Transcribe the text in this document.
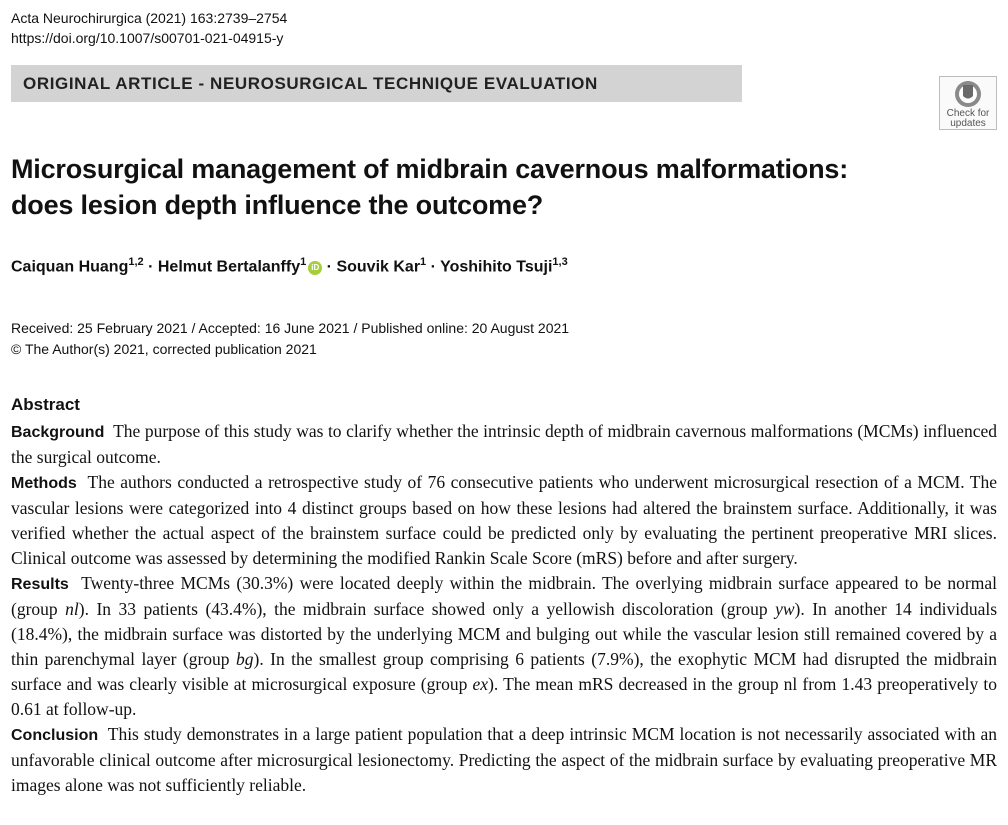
Acta Neurochirurgica (2021) 163:2739–2754
https://doi.org/10.1007/s00701-021-04915-y
ORIGINAL ARTICLE - NEUROSURGICAL TECHNIQUE EVALUATION
Check for
updates
Microsurgical management of midbrain cavernous malformations:
does lesion depth influence the outcome?
Caiquan Huang$^{1,2}$ · Helmut Bertalanffy$^1$ iD · Souvik Kar$^1$ · Yoshihito Tsuji$^{1,3}$
Received: 25 February 2021 / Accepted: 16 June 2021 / Published online: 20 August 2021
© The Author(s) 2021, corrected publication 2021
Abstract

Background The purpose of this study was to clarify whether the intrinsic depth of midbrain cavernous malformations (MCMs) influenced the surgical outcome.

Methods The authors conducted a retrospective study of 76 consecutive patients who underwent microsurgical resection of a MCM. The vascular lesions were categorized into 4 distinct groups based on how these lesions had altered the brainstem surface. Additionally, it was verified whether the actual aspect of the brainstem surface could be predicted only by evaluating the pertinent preoperative MRI slices. Clinical outcome was assessed by determining the modified Rankin Scale Score (mRS) before and after surgery.

Results Twenty-three MCMs (30.3%) were located deeply within the midbrain. The overlying midbrain surface appeared to be normal (group nl). In 33 patients (43.4%), the midbrain surface showed only a yellowish discoloration (group yw). In another 14 individuals (18.4%), the midbrain surface was distorted by the underlying MCM and bulging out while the vascular lesion still remained covered by a thin parenchymal layer (group bg). In the smallest group comprising 6 patients (7.9%), the exophytic MCM had disrupted the midbrain surface and was clearly visible at microsurgical exposure (group ex). The mean mRS decreased in the group nl from 1.43 preoperatively to 0.61 at follow-up.

Conclusion This study demonstrates in a large patient population that a deep intrinsic MCM location is not necessarily associated with an unfavorable clinical outcome after microsurgical lesionectomy. Predicting the aspect of the midbrain surface by evaluating preoperative MR images alone was not sufficiently reliable.
